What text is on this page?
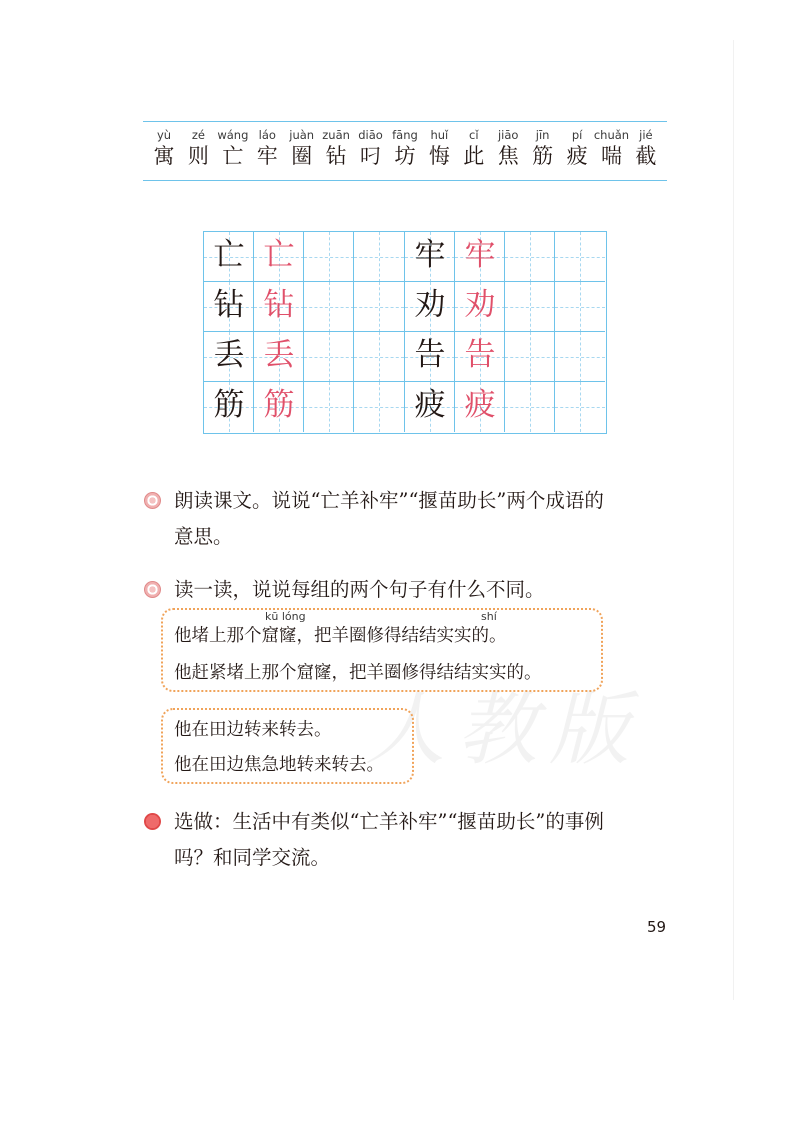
yù
寓
zé
则
wáng
亡
láo
牢
juàn
圈
zuān
钻
diāo
叼
fāng
坊
huǐ
悔
cǐ
此
jiāo
焦
jīn
筋
pí
疲
chuǎn
喘
jié
截
亡 亡	牢 牢
钻 钻	劝 劝
丢 丢	告 告
筋 筋	疲 疲
人教版
朗读课文。说说“亡羊补牢”“揠苗助长”两个成语的
意思。
读一读，说说每组的两个句子有什么不同。
kū lóng	shí
他堵上那个窟窿，把羊圈修得结结实实的。
他赶紧堵上那个窟窿，把羊圈修得结结实实的。
他在田边转来转去。
他在田边焦急地转来转去。
选做：生活中有类似“亡羊补牢”“揠苗助长”的事例
吗？和同学交流。
59
